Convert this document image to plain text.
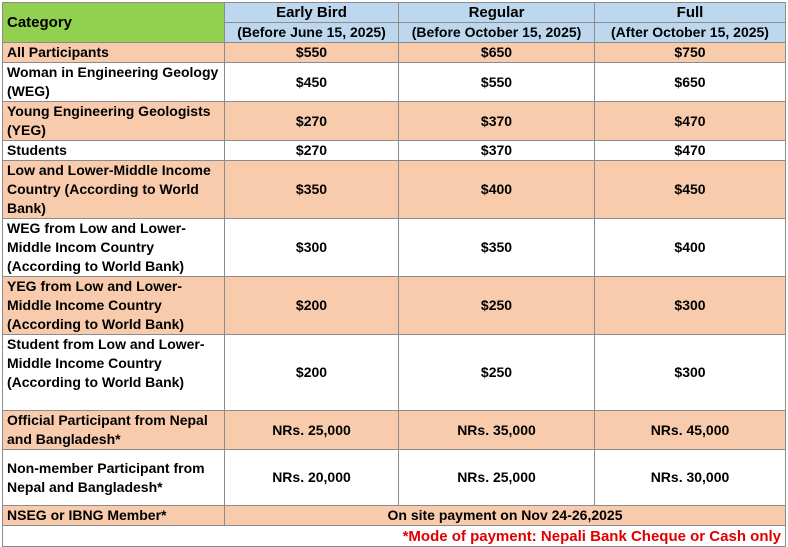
Category	Early Bird	Regular	Full
	(Before June 15, 2025)	(Before October 15, 2025)	(After October 15, 2025)
All Participants	$550	$650	$750
Woman in Engineering Geology (WEG)	$450	$550	$650
Young Engineering Geologists (YEG)	$270	$370	$470
Students	$270	$370	$470
Low and Lower-Middle Income Country (According to World Bank)	$350	$400	$450
WEG from Low and Lower-Middle Incom Country (According to World Bank)	$300	$350	$400
YEG from Low and Lower-Middle Income Country (According to World Bank)	$200	$250	$300
Student from Low and Lower-Middle Income Country (According to World Bank)	$200	$250	$300
Official Participant from Nepal and Bangladesh*	NRs. 25,000	NRs. 35,000	NRs. 45,000
Non-member Participant from Nepal and Bangladesh*	NRs. 20,000	NRs. 25,000	NRs. 30,000
NSEG or IBNG Member*	On site payment on Nov 24-26,2025		
*Mode of payment: Nepali Bank Cheque or Cash only			
